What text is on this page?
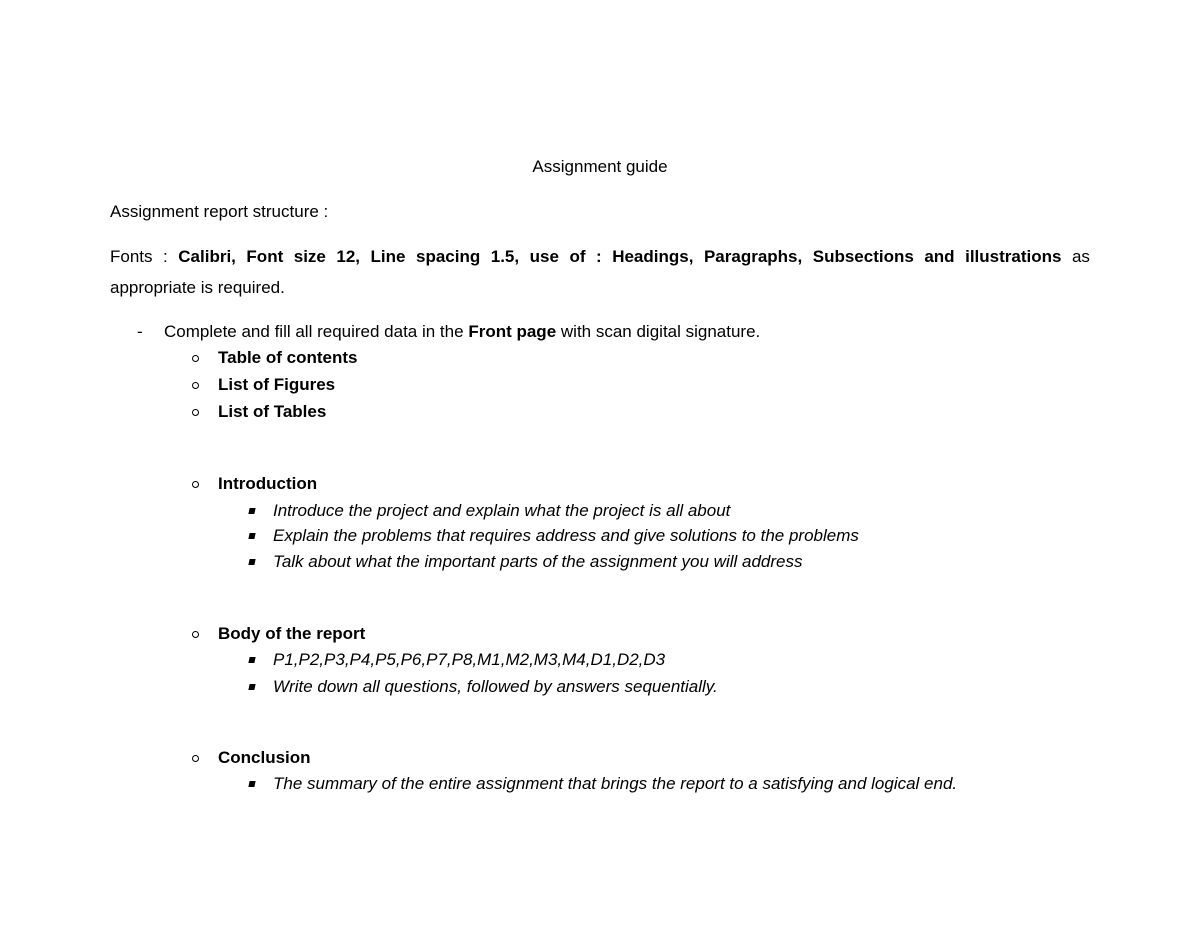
Assignment guide
Assignment report structure :
Fonts : Calibri, Font size 12, Line spacing 1.5, use of : Headings, Paragraphs, Subsections and illustrations as
appropriate is required.
- Complete and fill all required data in the Front page with scan digital signature.
Table of contents
List of Figures
List of Tables
Introduction
Introduce the project and explain what the project is all about
Explain the problems that requires address and give solutions to the problems
Talk about what the important parts of the assignment you will address
Body of the report
P1,P2,P3,P4,P5,P6,P7,P8,M1,M2,M3,M4,D1,D2,D3
Write down all questions, followed by answers sequentially.
Conclusion
The summary of the entire assignment that brings the report to a satisfying and logical end.
